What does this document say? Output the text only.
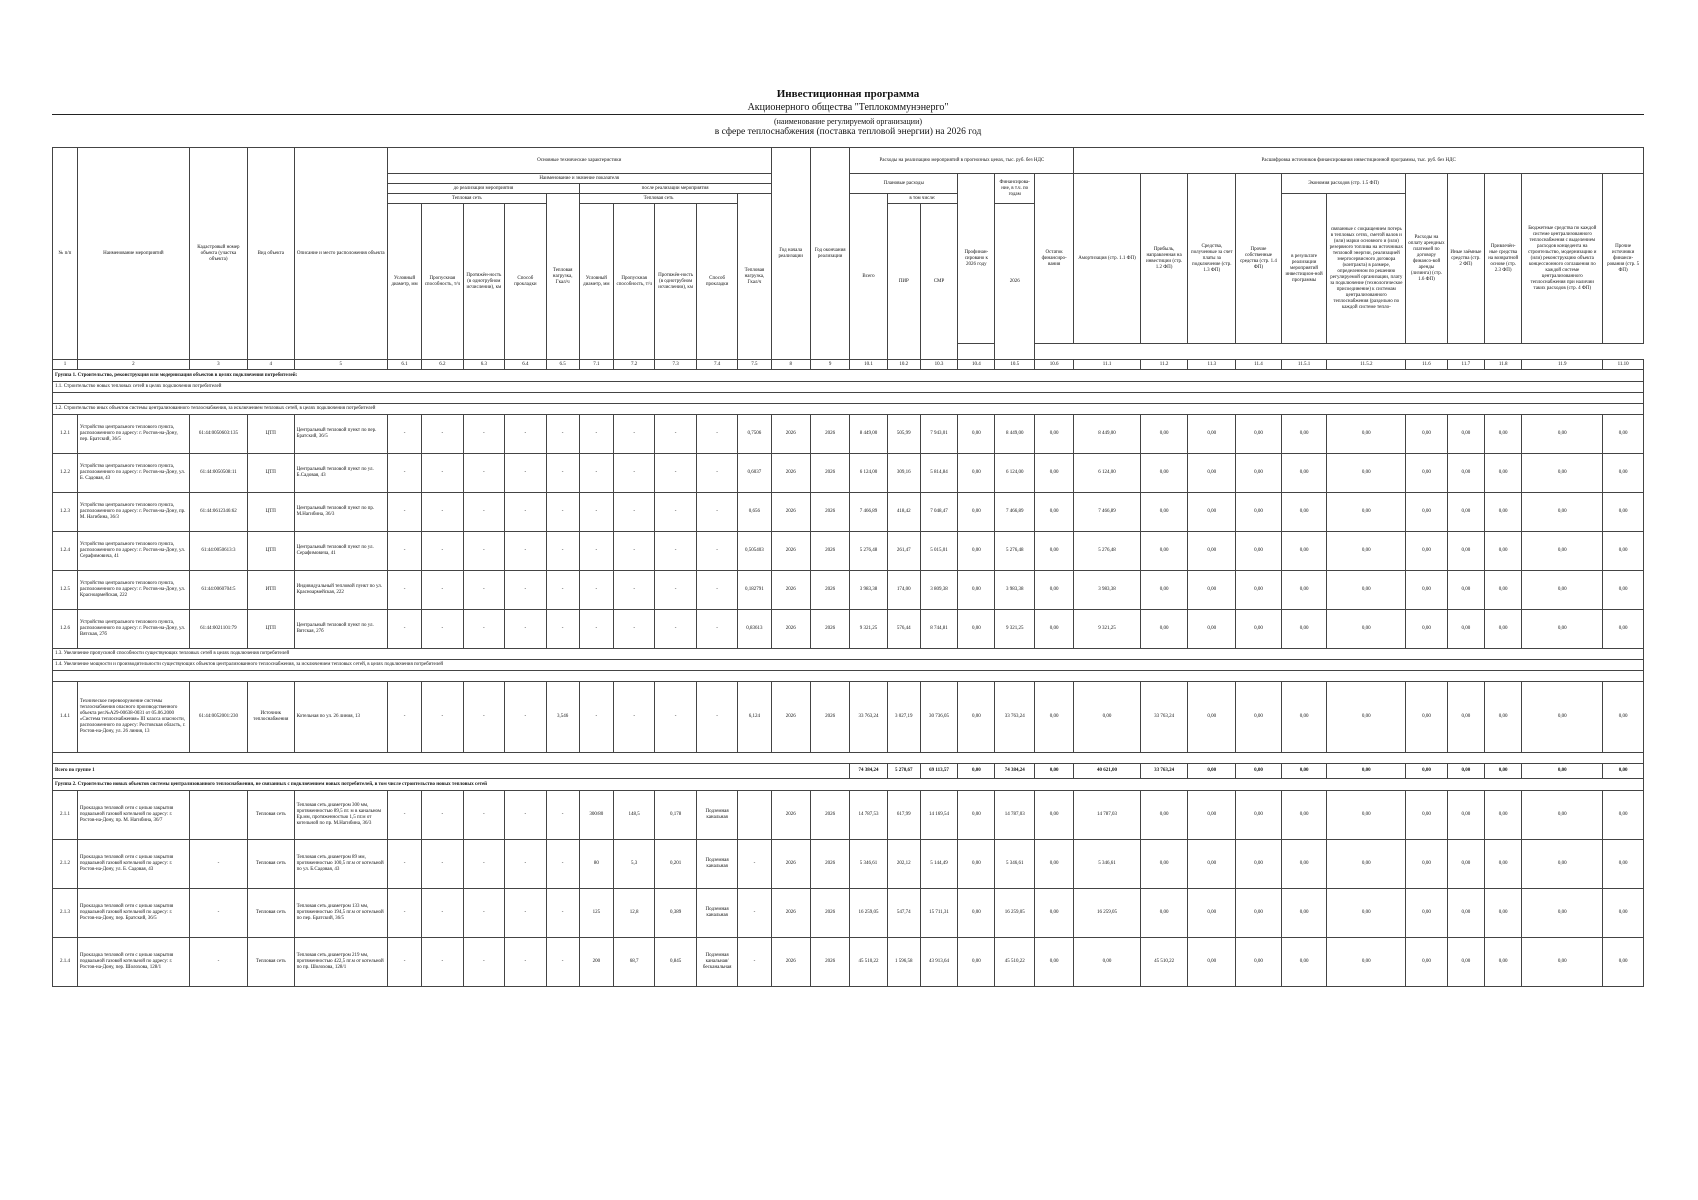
Инвестиционная программа
Акционерного общества "Теплокоммунэнерго"
(наименование регулируемой организации)
в сфере теплоснабжения (поставка тепловой энергии) на 2026 год
№ п/п	Наименование мероприятий	Кадастровый номер объекта (участка объекта)	Вид объекта	Описание и место расположения объекта	Основные технические характеристики										Год начала реализации	Год окончания реализации	Расходы на реализацию мероприятий в прогнозных ценах, тыс. руб. без НДС						Расшифровка источников финансирования инвестиционной программы, тыс. руб. без НДС										
					Наименование и значение показателя												Плановые расходы			Профинан-сировано к 2026 году	Финансирова-ние, в т.ч. по годам	Остаток финансиро-вания	Амортизация (стр. 1.1 ФП)	Прибыль, направленная на инвестиции (стр. 1.2 ФП)	Средства, полученные за счет платы за подключение (стр. 1.3 ФП)	Прочие собственные средства (стр. 1.4 ФП)	Экономия расходов (стр. 1.5 ФП)		Расходы на оплату арендных платежей по договору финансо-вой аренды (лизинга) (стр. 1.6 ФП)	Иные заёмные средства (стр. 2 ФП)	Привлечён-ные средства на возвратной основе (стр. 2.3 ФП)	Бюджетные средства по каждой системе централизованного теплоснабжения с выделением расходов концедента на строительство, модернизацию и (или) реконструкцию объекта концессионного соглашения по каждой системе централизованного теплоснабжения при наличии таких расходов (стр. 4 ФП)	Прочие источники финанси-рования (стр. 5 ФП)
					до реализации мероприятия					после реализации мероприятия																							
					Тепловая сеть				Тепловая нагрузка, Гкал/ч	Тепловая сеть				Тепловая нагрузка, Гкал/ч			Всего	в том числе:									в результате реализации мероприятий инвестицион-ной программы	связанные с сокращением потерь в тепловых сетях, сметой валов и (или) марки основного и (или) резервного топлива на источниках тепловой энергии, реализацией энергосервисного договора (контракта) в размере, определенном по решению регулируемой организации, плату за подключение (технологическое присоединение) к системам централизованного теплоснабжения (раздельно по каждой системе тепло-					
					Условный диаметр, мм	Пропускная способность, т/ч	Протяжён-ность (в однотрубном исчислении), км	Способ прокладки		Условный диаметр, мм	Пропускная способность, т/ч	Протяжён-ность (в однотрубном исчислении), км	Способ прокладки					ПИР	СМР		2026												

1	2	3	4	5	6.1	6.2	6.3	6.4	6.5	7.1	7.2	7.3	7.4	7.5	8	9	10.1	10.2	10.3	10.4	10.5	10.6	11.1	11.2	11.3	11.4	11.5.1	11.5.2	11.6	11.7	11.8	11.9	11.10
Группа 1. Строительство, реконструкция или модернизация объектов в целях подключения потребителей:																																	
1.1. Строительство новых тепловых сетей в целях подключения потребителей																																	

1.2. Строительство иных объектов системы централизованного теплоснабжения, за исключением тепловых сетей, в целях подключения потребителей																																	
1.2.1	Устройство центрального теплового пункта, расположенного по адресу: г. Ростов-на-Дону, пер. Братский, 36/5	61:44:0050603:135	ЦТП	Центральный тепловой пункт по пер. Братский, 36/5	-	-	-	-	-	-	-	-	-	0,7506	2026	2026	8 449,00	505,99	7 943,01	0,00	8 449,00	0,00	8 449,00	0,00	0,00	0,00	0,00	0,00	0,00	0,00	0,00	0,00	0,00
1.2.2	Устройство центрального теплового пункта, расположенного по адресу: г. Ростов-на-Дону, ул. Б. Садовая, 43	61:44:0050508:11	ЦТП	Центральный тепловой пункт по ул. Б.Садовая, 43	-	-	-	-	-	-	-	-	-	0,6037	2026	2026	6 124,00	309,16	5 814,84	0,00	6 124,00	0,00	6 124,00	0,00	0,00	0,00	0,00	0,00	0,00	0,00	0,00	0,00	0,00
1.2.3	Устройство центрального теплового пункта, расположенного по адресу: г. Ростов-на-Дону, пр. М. Нагибина, 36/3	61:44:0612346:62	ЦТП	Центральный тепловой пункт по пр. М.Нагибина, 36/3	-	-	-	-	-	-	-	-	-	0,656	2026	2026	7 466,89	418,42	7 048,47	0,00	7 466,89	0,00	7 466,89	0,00	0,00	0,00	0,00	0,00	0,00	0,00	0,00	0,00	0,00
1.2.4	Устройство центрального теплового пункта, расположенного по адресу: г. Ростов-на-Дону, ул. Серафимовича, 41	61:44:0050613:3	ЦТП	Центральный тепловой пункт по ул. Серафимовича, 41	-	-	-	-	-	-	-	-	-	0,505403	2026	2026	5 276,48	261,47	5 015,01	0,00	5 276,48	0,00	5 276,48	0,00	0,00	0,00	0,00	0,00	0,00	0,00	0,00	0,00	0,00
1.2.5	Устройство центрального теплового пункта, расположенного по адресу: г. Ростов-на-Дону, ул. Красноармейская, 222	61:44:0060704:5	ИТП	Индивидуальный тепловой пункт по ул. Красноармейская, 222	-	-	-	-	-	-	-	-	-	0,182791	2026	2026	3 983,38	174,00	3 809,38	0,00	3 983,38	0,00	3 983,38	0,00	0,00	0,00	0,00	0,00	0,00	0,00	0,00	0,00	0,00
1.2.6	Устройство центрального теплового пункта, расположенного по адресу: г. Ростов-на-Дону, ул. Вятская, 27б	61:44:0021101:79	ЦТП	Центральный тепловой пункт по ул. Вятская, 27б	-	-	-	-	-	-	-	-	-	0,83613	2026	2026	9 321,25	576,44	8 744,81	0,00	9 321,25	0,00	9 321,25	0,00	0,00	0,00	0,00	0,00	0,00	0,00	0,00	0,00	0,00
1.3. Увеличение пропускной способности существующих тепловых сетей в целях подключения потребителей																																	
1.4. Увеличение мощности и производительности существующих объектов централизованного теплоснабжения, за исключением тепловых сетей, в целях подключения потребителей																																	

1.4.1	Техническое перевооружение системы теплоснабжения опасного производственного объекта рег.№А29-00638-0031 от 05.06.2000 «Система теплоснабжения» III класса опасности, расположенного по адресу: Ростовская область, г. Ростов-на-Дону, ул. 26 линия, 13	61:44:0052001:230	Источник теплоснабжения	Котельная по ул. 26 линия, 13	-	-	-	-	3,546	-	-	-	-	6,124	2026	2026	33 763,24	3 027,19	30 736,05	0,00	33 763,24	0,00	0,00	33 763,24	0,00	0,00	0,00	0,00	0,00	0,00	0,00	0,00	0,00

Всего по группе 1																	74 384,24	5 270,67	69 113,57	0,00	74 384,24	0,00	40 621,00	33 763,24	0,00	0,00	0,00	0,00	0,00	0,00	0,00	0,00	0,00
Группа 2. Строительство новых объектов системы централизованного теплоснабжения, не связанных с подключением новых потребителей, в том числе строительство новых тепловых сетей																																	
2.1.1	Прокладка тепловой сети с целью закрытия подвальной газовой котельной по адресу: г. Ростов-на-Дону, пр. М. Нагибина, 36/7		Тепловая сеть	Тепловая сеть диаметром 300 мм, протяженностью 89,5 пг. м в канальном Ер.мм, протяженностью 1,5 пг.м от котельной по пр. М.Нагибина, 36/3	-	-	-	-	-	300/80	148,5	0,178	Подземная канальная		2026	2026	14 787,53	617,99	14 169,54	0,00	14 787,03	0,00	14 787,03	0,00	0,00	0,00	0,00	0,00	0,00	0,00	0,00	0,00	0,00
2.1.2	Прокладка тепловой сети с целью закрытия подвальной газовой котельной по адресу: г. Ростов-на-Дону, ул. Б. Садовая, 43	-	Тепловая сеть	Тепловая сеть диаметром 89 мм, протяженностью 100,5 пг.м от котельной по ул. Б.Садовая, 43	-	-	-	-	-	80	5,3	0,201	Подземная канальная	-	2026	2026	5 346,61	202,12	5 144,49	0,00	5 346,61	0,00	5 346,61	0,00	0,00	0,00	0,00	0,00	0,00	0,00	0,00	0,00	0,00
2.1.3	Прокладка тепловой сети с целью закрытия подвальной газовой котельной по адресу: г. Ростов-на-Дону, пер. Братский, 36/5	-	Тепловая сеть	Тепловая сеть диаметром 133 мм, протяженностью 194,5 пг.м от котельной по пер. Братский, 36/5	-	-	-	-	-	125	12,8	0,389	Подземная канальная	-	2026	2026	16 259,05	547,74	15 711,31	0,00	16 259,05	0,00	16 259,05	0,00	0,00	0,00	0,00	0,00	0,00	0,00	0,00	0,00	0,00
2.1.4	Прокладка тепловой сети с целью закрытия подвальной газовой котельной по адресу: г. Ростов-на-Дону, пер. Шолохова, 128/1	-	Тепловая сеть	Тепловая сеть диаметром 219 мм, протяженностью 422,5 пг.м от котельной по пр. Шолохова, 128/1	-	-	-	-	-	200	68,7	0,845	Подземная канальная/ бесканальная	-	2026	2026	45 510,22	1 596,58	43 913,64	0,00	45 510,22	0,00	0,00	45 510,22	0,00	0,00	0,00	0,00	0,00	0,00	0,00	0,00	0,00
